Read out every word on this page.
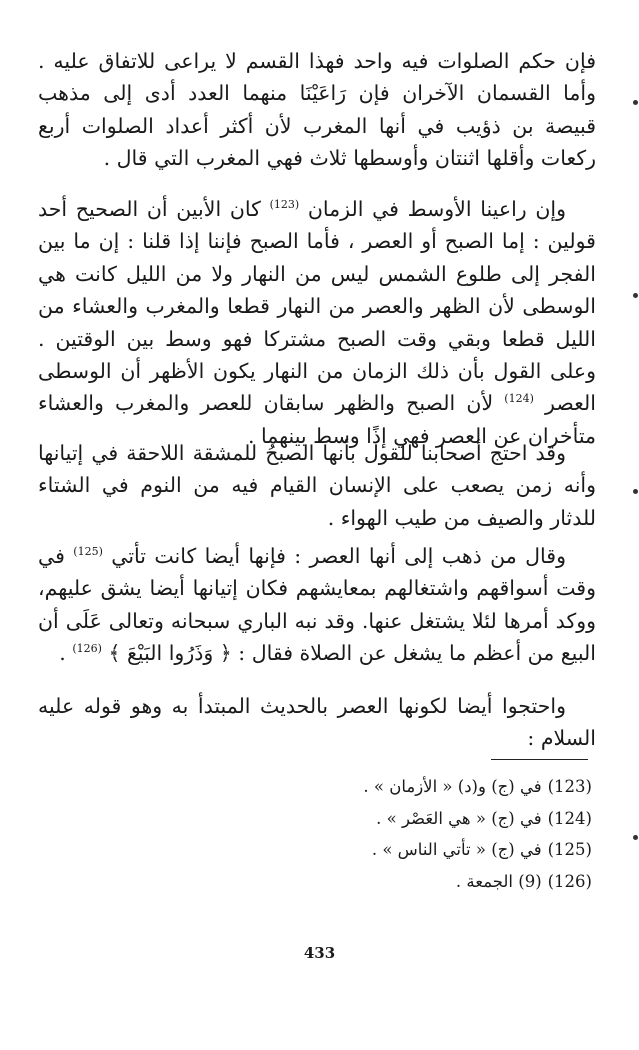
فإن حكم الصلوات فيه واحد فهذا القسم لا يراعى للاتفاق عليه . وأما القسمان الآخران فإن رَاعَيْنَا منهما العدد أدى إلى مذهب قبيصة بن ذؤيب في أنها المغرب لأن أكثر أعداد الصلوات أربع ركعات وأقلها اثنتان وأوسطها ثلاث فهي المغرب التي قال .

وإن راعينا الأوسط في الزمان $^{(123)}$ كان الأبين أن الصحيح أحد قولين : إما الصبح أو العصر ، فأما الصبح فإننا إذا قلنا : إن ما بين الفجر إلى طلوع الشمس ليس من النهار ولا من الليل كانت هي الوسطى لأن الظهر والعصر من النهار قطعا والمغرب والعشاء من الليل قطعا وبقي وقت الصبح مشتركا فهو وسط بين الوقتين . وعلى القول بأن ذلك الزمان من النهار يكون الأظهر أن الوسطى العصر $^{(124)}$ لأن الصبح والظهر سابقان للعصر والمغرب والعشاء متأخران عن العصر فهي إذًا وسط بينهما .

وقد احتج أصحابنا للقول بأنها الصبحُ للمشقة اللاحقة في إتيانها وأنه زمن يصعب على الإنسان القيام فيه من النوم في الشتاء للدثار والصيف من طيب الهواء .

وقال من ذهب إلى أنها العصر : فإنها أيضا كانت تأتي $^{(125)}$ في وقت أسواقهم واشتغالهم بمعايشهم فكان إتيانها أيضا يشق عليهم، ووكد أمرها لئلا يشتغل عنها. وقد نبه الباري سبحانه وتعالى عَلَى أن البيع من أعظم ما يشغل عن الصلاة فقال : ﴿ وَذَرُوا البَيْعَ ﴾ $^{(126)}$ .

واحتجوا أيضا لكونها العصر بالحديث المبتدأ به وهو قوله عليه السلام :

(123)في (ج) و(د) « الأزمان » .
(124)في (ج) « هي العَصْر » .
(125)في (ج) « تأتي الناس » .
(126)(9) الجمعة .
433
